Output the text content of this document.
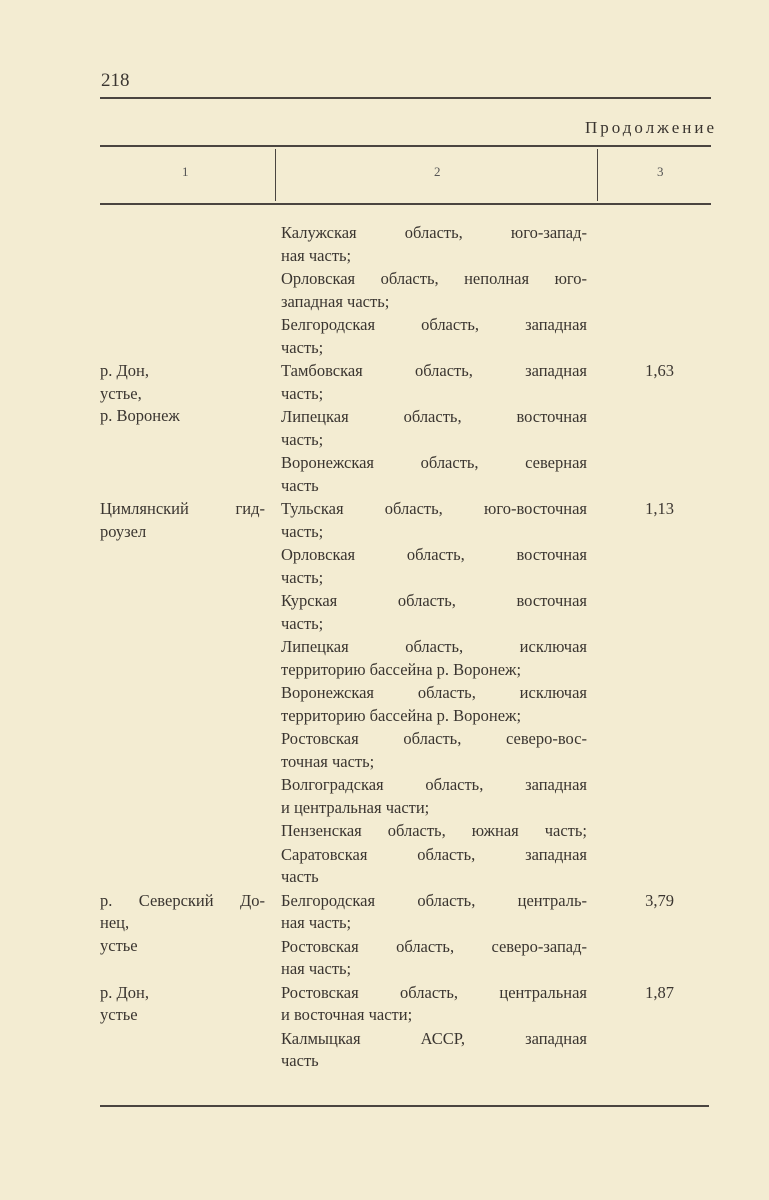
218
Продолжение
1	2	3
Калужская область, юго-запад-
ная часть;
Орловская область, неполная юго-
западная часть;
Белгородская область, западная
часть;
р. Дон,
устье,
р. Воронеж
Тамбовская область, западная
часть;
Липецкая область, восточная
часть;
Воронежская область, северная
часть
1,63
Цимлянский гид-
роузел
Тульская область, юго-восточная
часть;
Орловская область, восточная
часть;
Курская область, восточная
часть;
Липецкая область, исключая
территорию бассейна р. Воронеж;
Воронежская область, исключая
территорию бассейна р. Воронеж;
Ростовская область, северо-вос-
точная часть;
Волгоградская область, западная
и центральная части;
Пензенская область, южная часть;
Саратовская область, западная
часть
1,13
р. Северский До-
нец,
устье
Белгородская область, централь-
ная часть;
Ростовская область, северо-запад-
ная часть;
3,79
р. Дон,
устье
Ростовская область, центральная
и восточная части;
Калмыцкая АССР, западная
часть
1,87
